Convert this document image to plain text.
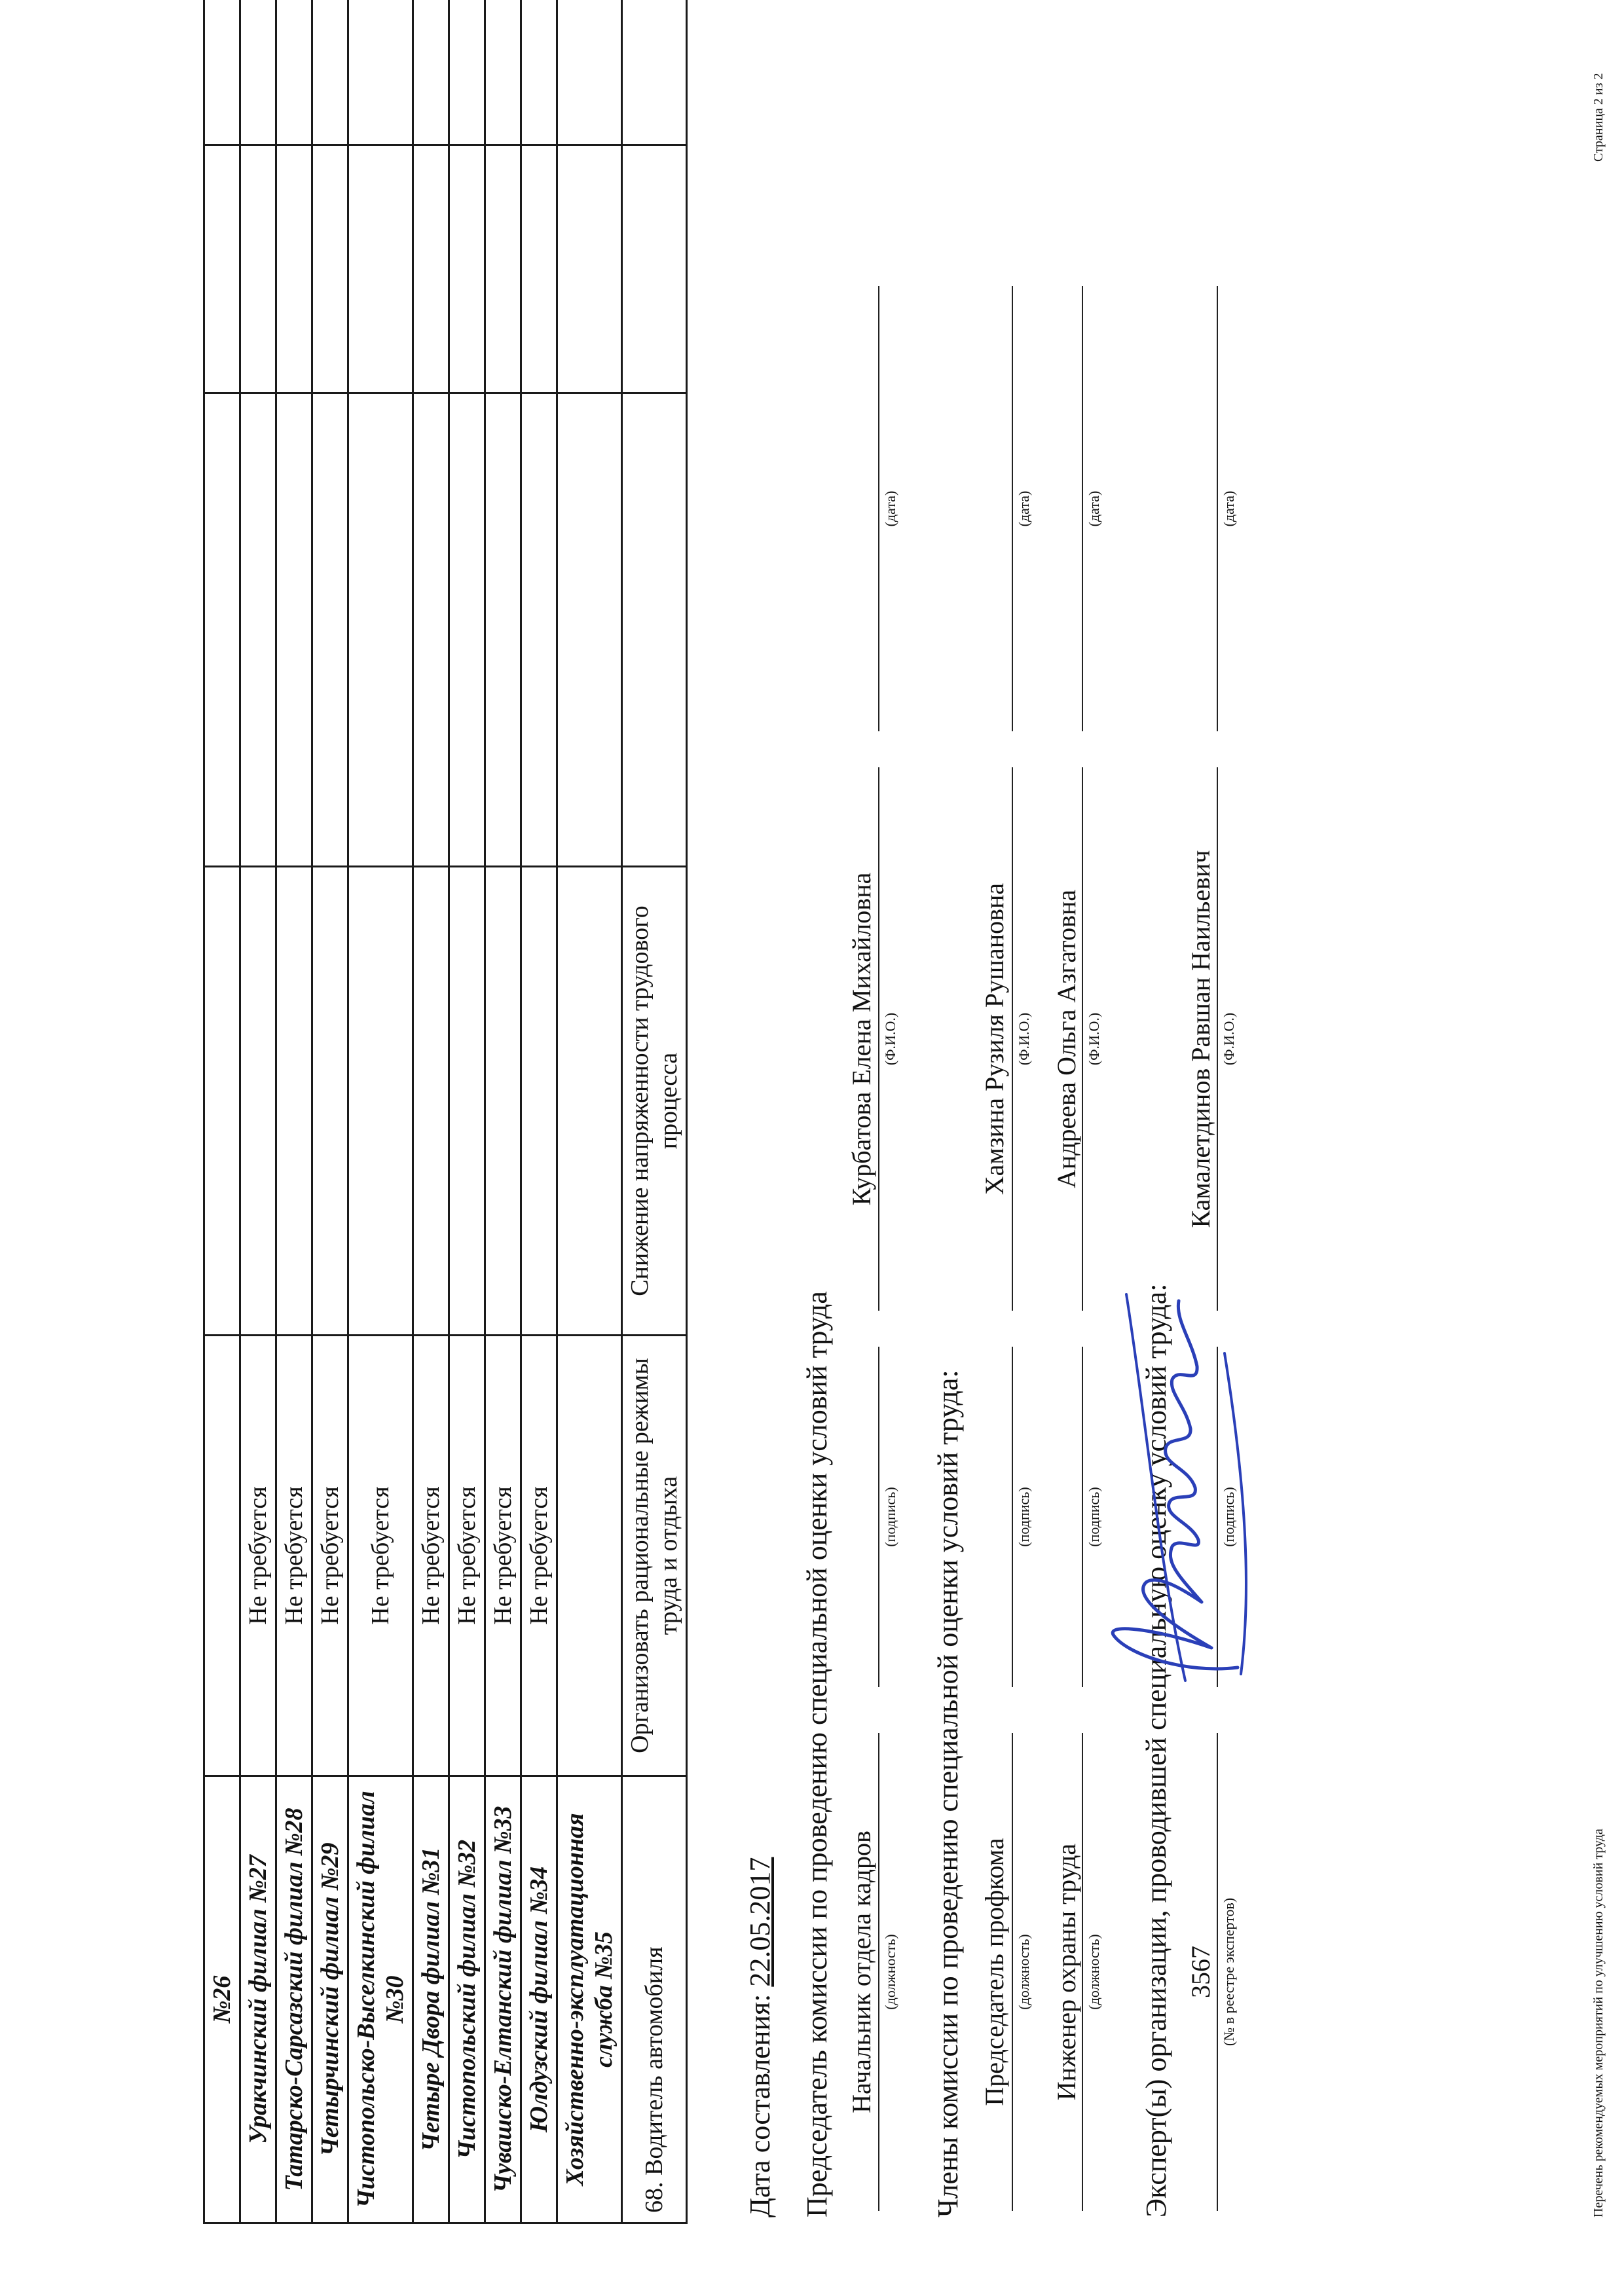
№26					
Уракчинский филиал №27	Не требуется				
Татарско-Сарсазский филиал №28	Не требуется				
Четырчинский филиал №29	Не требуется				
Чистопольско-Выселкинский филиал №30	Не требуется				
Четыре Двора филиал №31	Не требуется				
Чистопольский филиал №32	Не требуется				
Чувашско-Елтанский филиал №33	Не требуется				
Юлдузский филиал №34	Не требуется				
Хозяйственно-эксплуатационная служба №35					
68. Водитель автомобиля	Организовать рациональные режимы труда и отдыха	Снижение напряженности трудового процесса			
Дата составления: 22.05.2017 Председатель комиссии по проведению специальной оценки условий труда Начальник отдела кадров
Курбатова Елена Михайловна
(должность)
(подпись)
(Ф.И.О.)
(дата)
Члены комиссии по проведению специальной оценки условий труда: Председатель профкома
Хамзина Рузиля Рушановна
(должность)
(подпись)
(Ф.И.О.)
(дата)
Инженер охраны труда
Андреева Ольга Азгатовна
(должность)
(подпись)
(Ф.И.О.)
(дата)
Эксперт(ы) организации, проводившей специальную оценку условий труда: 3567
Камалетдинов Равшан Наильевич
(№ в реестре экспертов)
(подпись)
(Ф.И.О.)
(дата)
Перечень рекомендуемых мероприятий по улучшению условий труда
Страница 2 из 2
